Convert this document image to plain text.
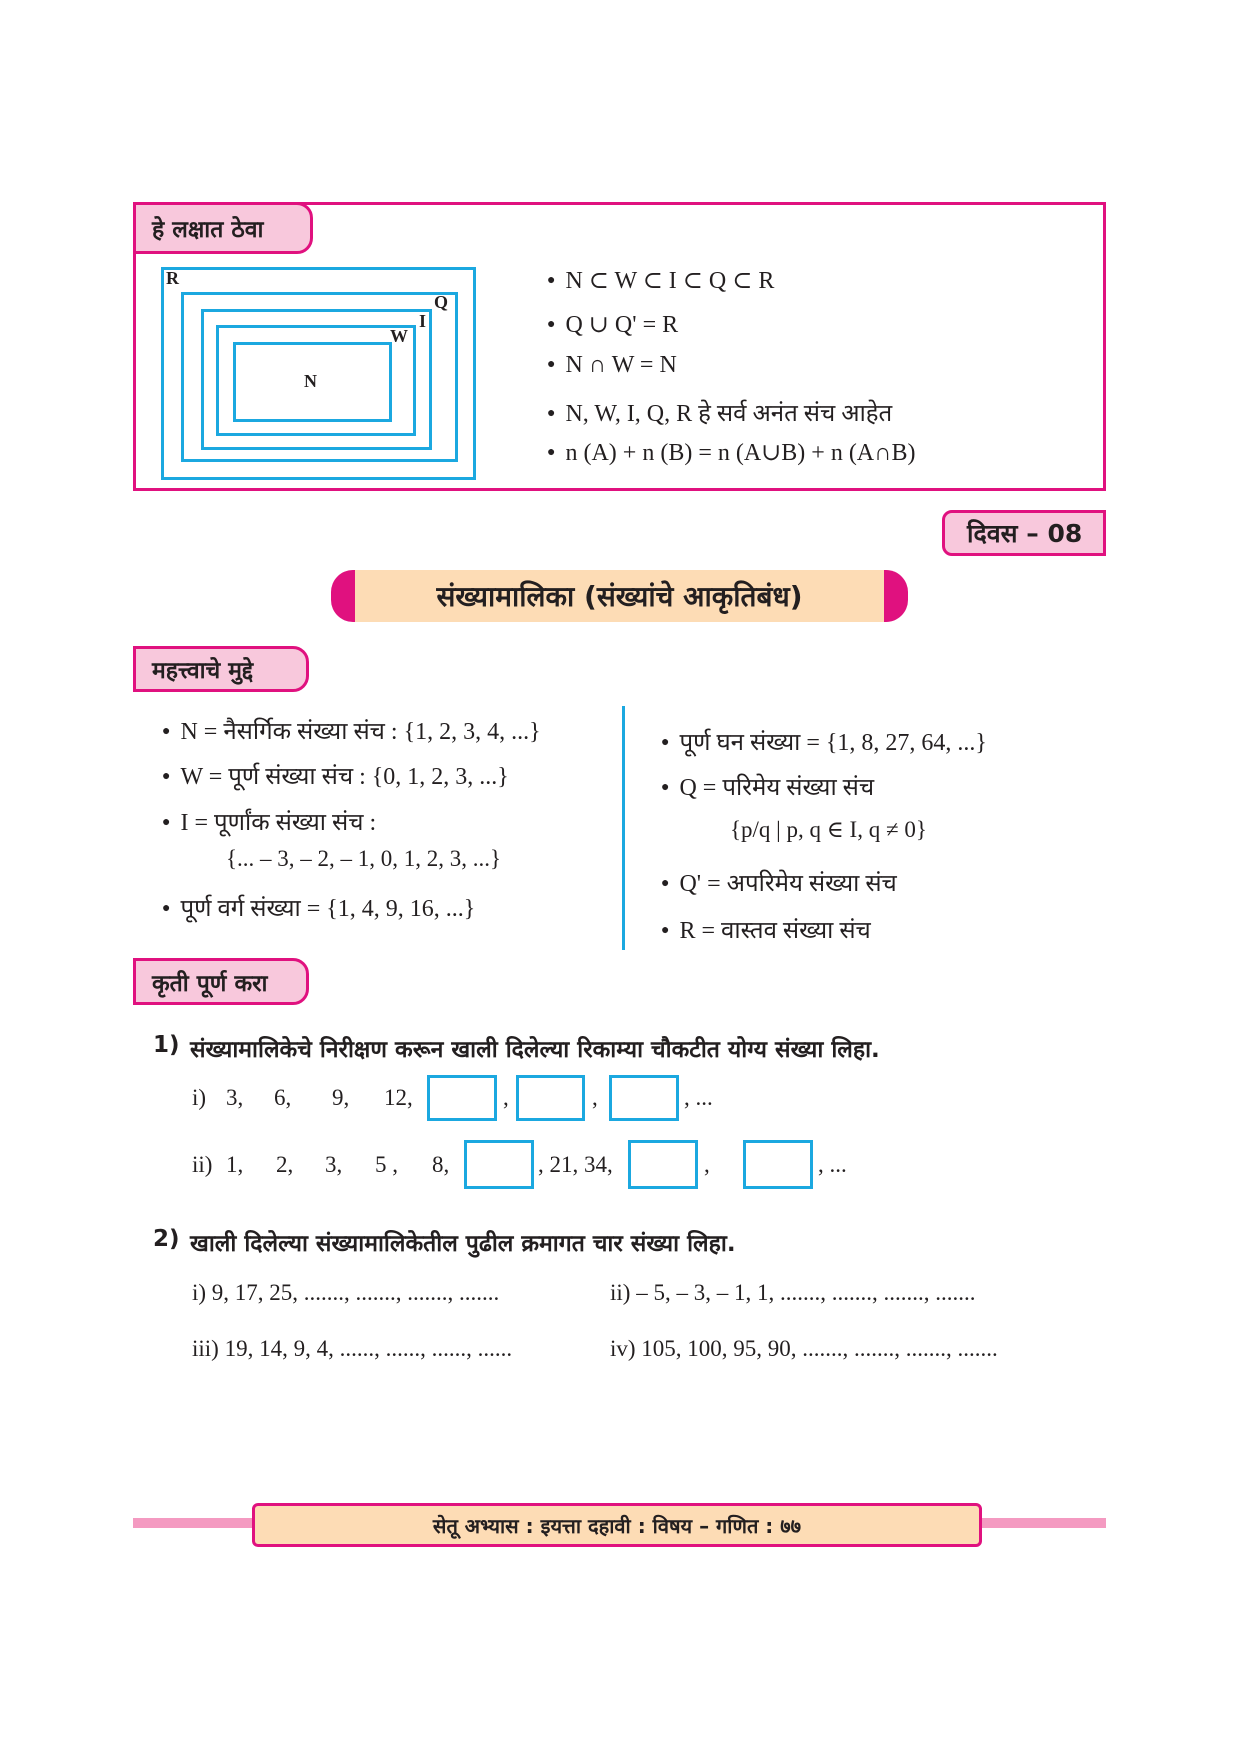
हे लक्षात ठेवा
R
Q
I
W
N
● N ⊂ W ⊂ I ⊂ Q ⊂ R
● Q ∪ Q' = R
● N ∩ W = N
● N, W, I, Q, R हे सर्व अनंत संच आहेत
● n (A) + n (B) = n (A∪B) + n (A∩B)
दिवस – 08
संख्यामालिका (संख्यांचे आकृतिबंध)
महत्त्वाचे मुद्दे
● N = नैसर्गिक संख्या संच : {1, 2, 3, 4, ...}
● W = पूर्ण संख्या संच : {0, 1, 2, 3, ...}
● I = पूर्णांक संख्या संच :
{... – 3, – 2, – 1, 0, 1, 2, 3, ...}
● पूर्ण वर्ग संख्या = {1, 4, 9, 16, ...}
● पूर्ण घन संख्या = {1, 8, 27, 64, ...}
● Q = परिमेय संख्या संच
{p/q | p, q ∈ I, q ≠ 0}
● Q' = अपरिमेय संख्या संच
● R = वास्तव संख्या संच
कृती पूर्ण करा
1) संख्यामालिकेचे निरीक्षण करून खाली दिलेल्या रिकाम्या चौकटीत योग्य संख्या लिहा.
i) 3, 6, 9, 12,	,	,	, ...
ii) 1, 2, 3, 5 , 8,	, 21, 34,	,	, ...
2) खाली दिलेल्या संख्यामालिकेतील पुढील क्रमागत चार संख्या लिहा.
i) 9, 17, 25, ......., ......., ......., .......	ii) – 5, – 3, – 1, 1, ......., ......., ......., .......
iii) 19, 14, 9, 4, ......, ......, ......, ......	iv) 105, 100, 95, 90, ......., ......., ......., .......
सेतू अभ्यास : इयत्ता दहावी : विषय – गणित : ७७
